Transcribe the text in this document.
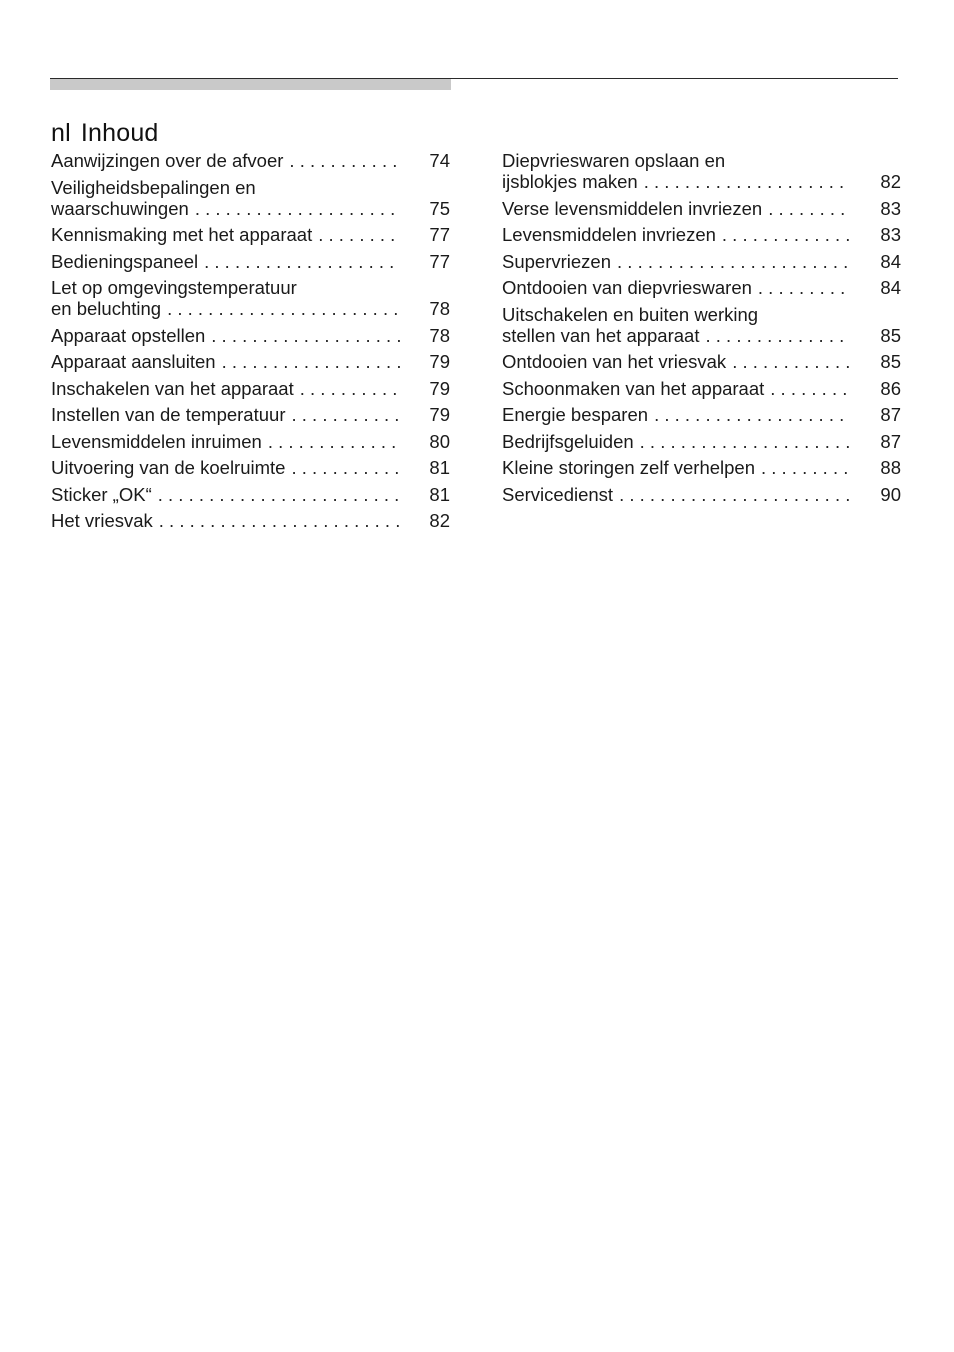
nl Inhoud
Aanwijzingen over de afvoer . . .	74
Veiligheidsbepalingen en
waarschuwingen . . .	75
Kennismaking met het apparaat . . .	77
Bedieningspaneel . . .	77
Let op omgevingstemperatuur
en beluchting . . .	78
Apparaat opstellen . . .	78
Apparaat aansluiten . . .	79
Inschakelen van het apparaat . . .	79
Instellen van de temperatuur . . .	79
Levensmiddelen inruimen . . .	80
Uitvoering van de koelruimte . . .	81
Sticker „OK“ . . .	81
Het vriesvak . . .	82
Diepvrieswaren opslaan en
ijsblokjes maken . . .	82
Verse levensmiddelen invriezen . . .	83
Levensmiddelen invriezen . . .	83
Supervriezen . . .	84
Ontdooien van diepvrieswaren . . .	84
Uitschakelen en buiten werking
stellen van het apparaat . . .	85
Ontdooien van het vriesvak . . .	85
Schoonmaken van het apparaat . . .	86
Energie besparen . . .	87
Bedrijfsgeluiden . . .	87
Kleine storingen zelf verhelpen . . .	88
Servicedienst . . .	90
